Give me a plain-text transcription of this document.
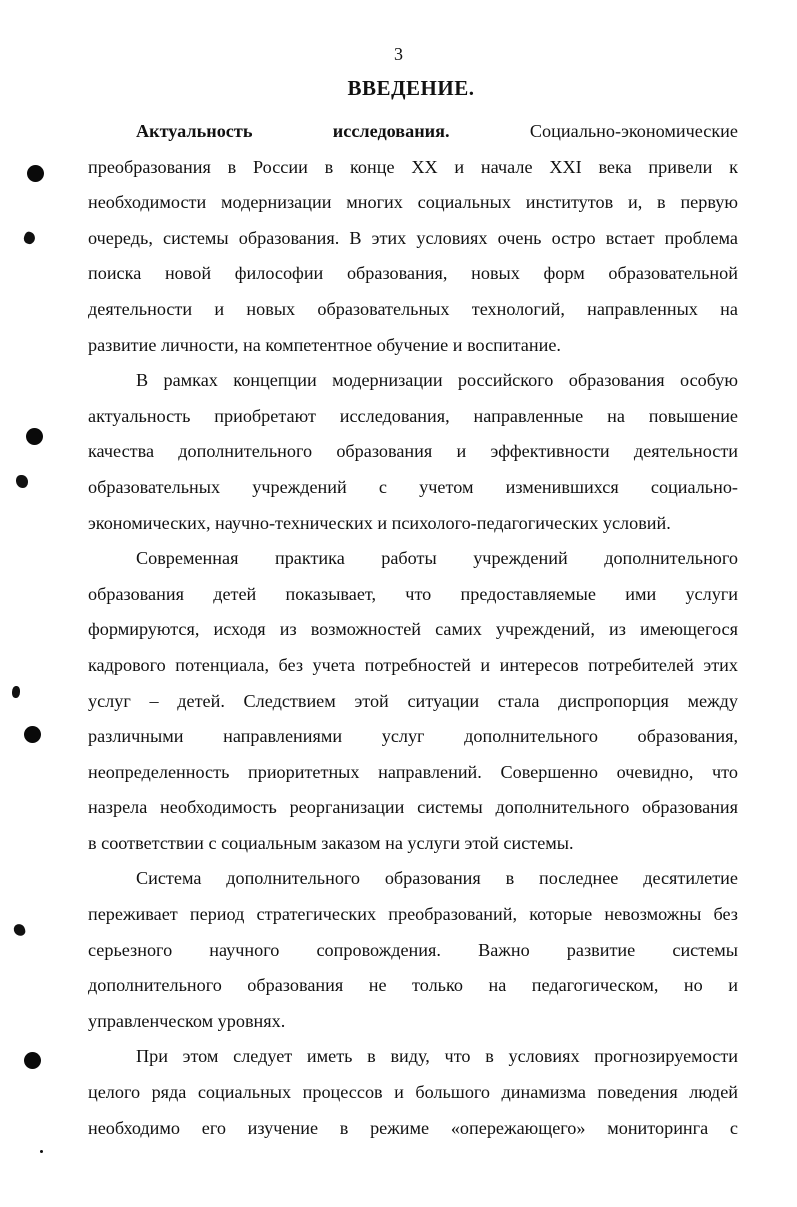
3
ВВЕДЕНИЕ.
Актуальность	исследования.	Социально-экономические
преобразования в России в конце XX и начале XXI века привели к
необходимости модернизации многих социальных институтов и, в первую
очередь, системы образования. В этих условиях очень остро встает проблема
поиска новой философии образования, новых форм образовательной
деятельности и новых образовательных технологий, направленных на
развитие личности, на компетентное обучение и воспитание.
В рамках концепции модернизации российского образования особую
актуальность приобретают исследования, направленные на повышение
качества дополнительного образования и эффективности деятельности
образовательных учреждений с учетом изменившихся социально-
экономических, научно-технических и психолого-педагогических условий.
Современная практика работы учреждений дополнительного
образования детей показывает, что предоставляемые ими услуги
формируются, исходя из возможностей самих учреждений, из имеющегося
кадрового потенциала, без учета потребностей и интересов потребителей этих
услуг – детей. Следствием этой ситуации стала диспропорция между
различными направлениями услуг дополнительного образования,
неопределенность приоритетных направлений. Совершенно очевидно, что
назрела необходимость реорганизации системы дополнительного образования
в соответствии с социальным заказом на услуги этой системы.
Система дополнительного образования в последнее десятилетие
переживает период стратегических преобразований, которые невозможны без
серьезного научного сопровождения. Важно развитие системы
дополнительного образования не только на педагогическом, но и
управленческом уровнях.
При этом следует иметь в виду, что в условиях прогнозируемости
целого ряда социальных процессов и большого динамизма поведения людей
необходимо его изучение в режиме «опережающего» мониторинга с
